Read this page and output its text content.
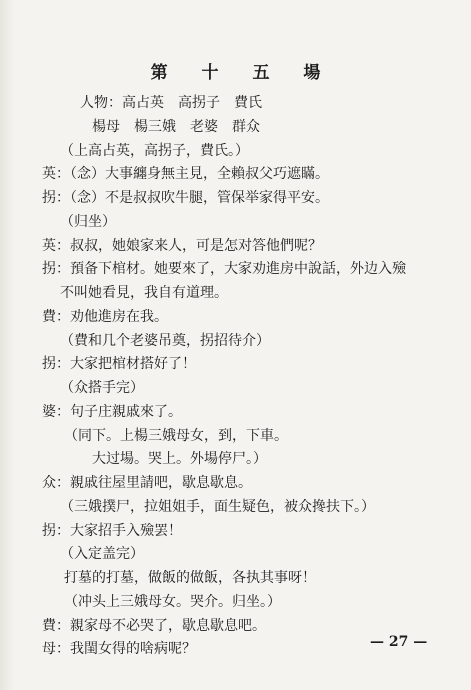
第 十 五 場
人物：高占英　高拐子　費氏
楊母　楊三娥　老婆　群众
（上高占英，高拐子，費氏。）
英：（念）大事纏身無主見，全賴叔父巧遮瞞。
拐：（念）不是叔叔吹牛腿，管保举家得平安。
（归坐）
英：叔叔，她娘家来人，可是怎对答他們呢？
拐：預备下棺材。她要來了，大家劝進房中說話，外边入殮
不叫她看見，我自有道理。
費：劝他進房在我。
（費和几个老婆吊奠，拐招待介）
拐：大家把棺材搭好了！
（众搭手完）
婆：句子庄親戚來了。
（同下。上楊三娥母女，到，下車。
大过場。哭上。外場停尸。）
众：親戚往屋里請吧，歇息歇息。
（三娥撲尸，拉姐姐手，面生疑色，被众搀扶下。）
拐：大家招手入殮罢！
（入定盖完）
打墓的打墓，做飯的做飯，各执其事呀！
（冲头上三娥母女。哭介。归坐。）
費：親家母不必哭了，歇息歇息吧。
母：我閨女得的啥病呢？	— 27 —
